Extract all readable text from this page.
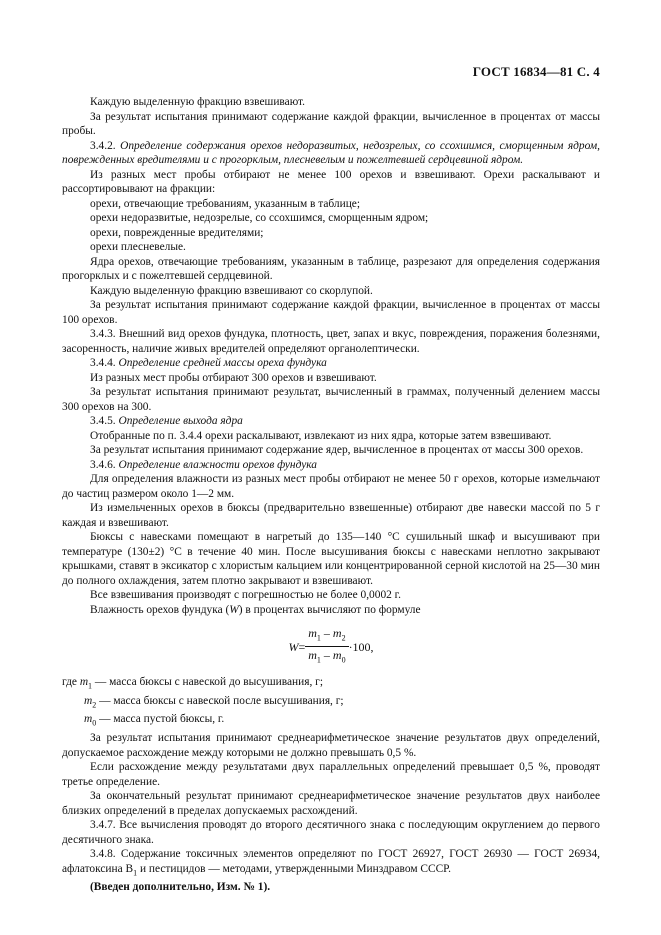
ГОСТ 16834—81 С. 4

Каждую выделенную фракцию взвешивают.

За результат испытания принимают содержание каждой фракции, вычисленное в процентах от массы пробы.

3.4.2. Определение содержания орехов недоразвитых, недозрелых, со ссохшимся, сморщенным ядром, поврежденных вредителями и с прогорклым, плесневелым и пожелтевшей сердцевиной ядром.

Из разных мест пробы отбирают не менее 100 орехов и взвешивают. Орехи раскалывают и рассортировывают на фракции:

орехи, отвечающие требованиям, указанным в таблице;

орехи недоразвитые, недозрелые, со ссохшимся, сморщенным ядром;

орехи, поврежденные вредителями;

орехи плесневелые.

Ядра орехов, отвечающие требованиям, указанным в таблице, разрезают для определения содержания прогорклых и с пожелтевшей сердцевиной.

Каждую выделенную фракцию взвешивают со скорлупой.

За результат испытания принимают содержание каждой фракции, вычисленное в процентах от массы 100 орехов.

3.4.3. Внешний вид орехов фундука, плотность, цвет, запах и вкус, повреждения, поражения болезнями, засоренность, наличие живых вредителей определяют органолептически.

3.4.4. Определение средней массы ореха фундука

Из разных мест пробы отбирают 300 орехов и взвешивают.

За результат испытания принимают результат, вычисленный в граммах, полученный делением массы 300 орехов на 300.

3.4.5. Определение выхода ядра

Отобранные по п. 3.4.4 орехи раскалывают, извлекают из них ядра, которые затем взвешивают.

За результат испытания принимают содержание ядер, вычисленное в процентах от массы 300 орехов.

3.4.6. Определение влажности орехов фундука

Для определения влажности из разных мест пробы отбирают не менее 50 г орехов, которые измельчают до частиц размером около 1—2 мм.

Из измельченных орехов в бюксы (предварительно взвешенные) отбирают две навески массой по 5 г каждая и взвешивают.

Бюксы с навесками помещают в нагретый до 135—140 °С сушильный шкаф и высушивают при температуре (130±2) °С в течение 40 мин. После высушивания бюксы с навесками неплотно закрывают крышками, ставят в эксикатор с хлористым кальцием или концентрированной серной кислотой на 25—30 мин до полного охлаждения, затем плотно закрывают и взвешивают.

Все взвешивания производят с погрешностью не более 0,0002 г.

Влажность орехов фундука (W) в процентах вычисляют по формуле

$W= \frac{m_1 - m_2}{m_1 - m_0} \cdot 100$,

где $m_1$ — масса бюксы с навеской до высушивания, г;

$m_2$ — масса бюксы с навеской после высушивания, г;

$m_0$ — масса пустой бюксы, г.

За результат испытания принимают среднеарифметическое значение результатов двух определений, допускаемое расхождение между которыми не должно превышать 0,5 %.

Если расхождение между результатами двух параллельных определений превышает 0,5 %, проводят третье определение.

За окончательный результат принимают среднеарифметическое значение результатов двух наиболее близких определений в пределах допускаемых расхождений.

3.4.7. Все вычисления проводят до второго десятичного знака с последующим округлением до первого десятичного знака.

3.4.8. Содержание токсичных элементов определяют по ГОСТ 26927, ГОСТ 26930 — ГОСТ 26934, афлатоксина $В_1$ и пестицидов — методами, утвержденными Минздравом СССР.

(Введен дополнительно, Изм. № 1).
